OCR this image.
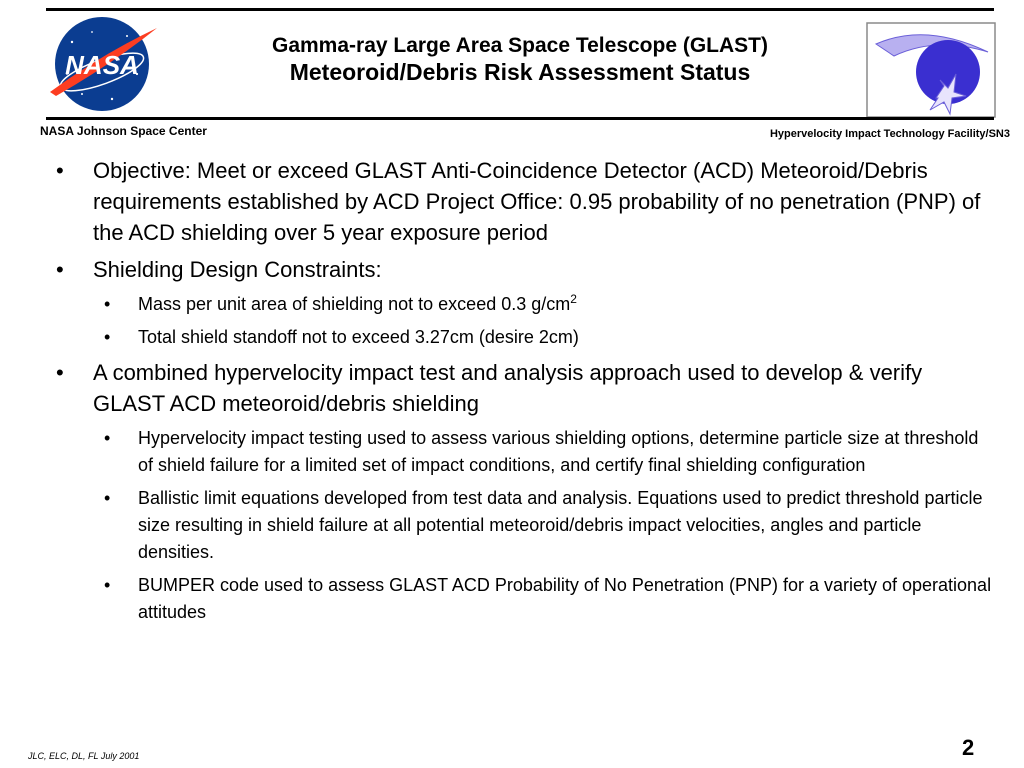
NASA
Gamma-ray Large Area Space Telescope (GLAST)
Meteoroid/Debris Risk Assessment Status
NASA Johnson Space Center	Hypervelocity Impact Technology Facility/SN3
• Objective: Meet or exceed GLAST Anti-Coincidence Detector (ACD) Meteoroid/Debris requirements established by ACD Project Office: 0.95 probability of no penetration (PNP) of the ACD shielding over 5 year exposure period
• Shielding Design Constraints:
• Mass per unit area of shielding not to exceed 0.3 $g/cm^2$
• Total shield standoff not to exceed 3.27cm (desire 2cm)
• A combined hypervelocity impact test and analysis approach used to develop & verify GLAST ACD meteoroid/debris shielding
• Hypervelocity impact testing used to assess various shielding options, determine particle size at threshold of shield failure for a limited set of impact conditions, and certify final shielding configuration
• Ballistic limit equations developed from test data and analysis. Equations used to predict threshold particle size resulting in shield failure at all potential meteoroid/debris impact velocities, angles and particle densities.
• BUMPER code used to assess GLAST ACD Probability of No Penetration (PNP) for a variety of operational attitudes
JLC, ELC, DL, FL July 2001	2
